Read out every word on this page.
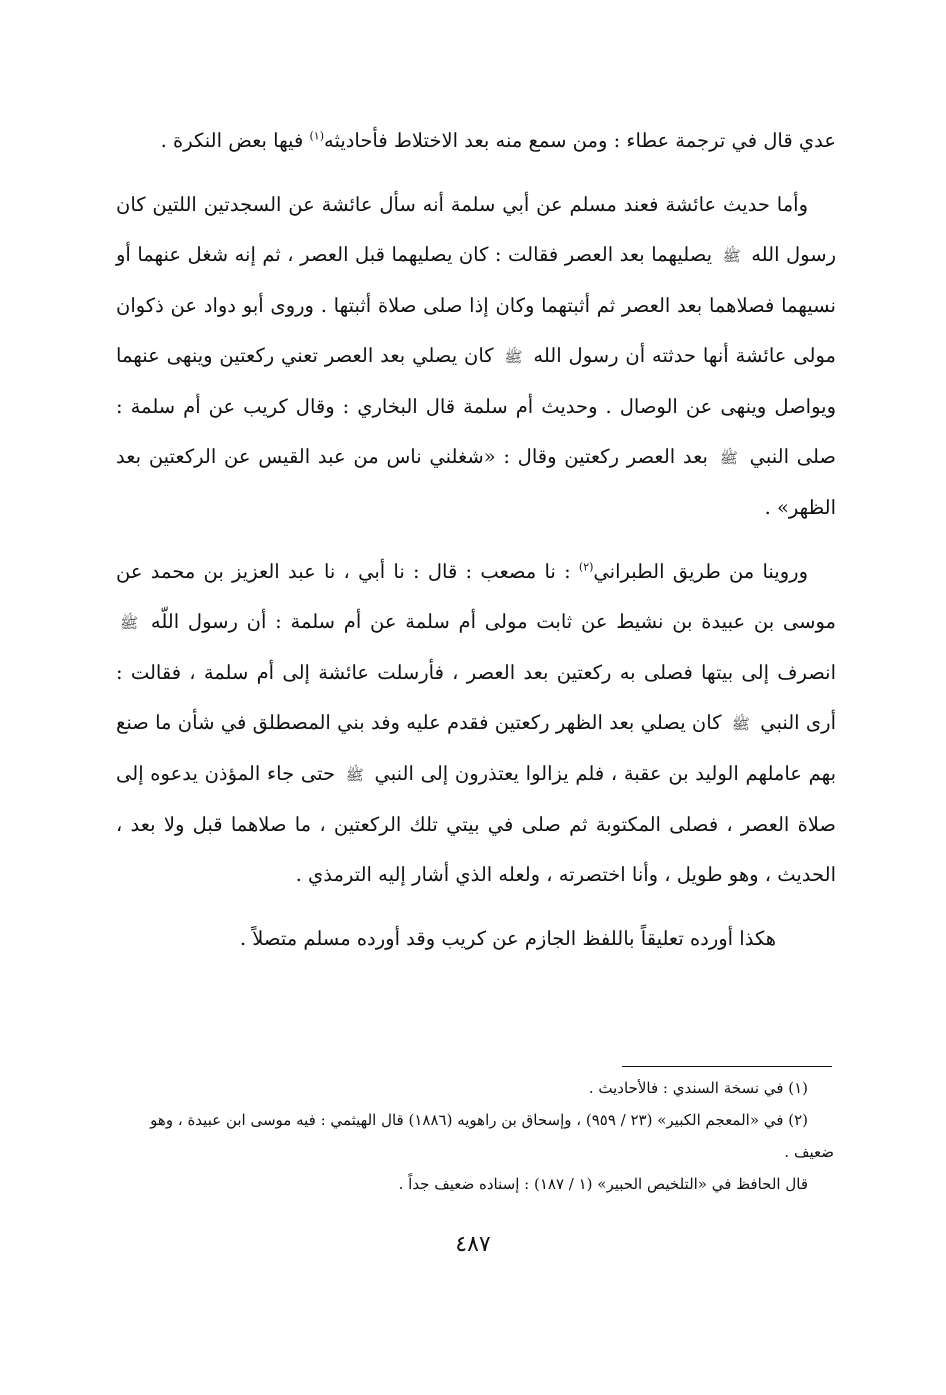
عدي قال في ترجمة عطاء : ومن سمع منه بعد الاختلاط فأحاديثه$^{(١)}$ فيها بعض النكرة .

وأما حديث عائشة فعند مسلم عن أبي سلمة أنه سأل عائشة عن السجدتين اللتين كان رسول الله ﷺ يصليهما بعد العصر فقالت : كان يصليهما قبل العصر ، ثم إنه شغل عنهما أو نسيهما فصلاهما بعد العصر ثم أثبتهما وكان إذا صلى صلاة أثبتها . وروى أبو دواد عن ذكوان مولى عائشة أنها حدثته أن رسول الله ﷺ كان يصلي بعد العصر تعني ركعتين وينهى عنهما ويواصل وينهى عن الوصال . وحديث أم سلمة قال البخاري : وقال كريب عن أم سلمة : صلى النبي ﷺ بعد العصر ركعتين وقال : «شغلني ناس من عبد القيس عن الركعتين بعد الظهر» .

وروينا من طريق الطبراني$^{(٢)}$ : نا مصعب : قال : نا أبي ، نا عبد العزيز بن محمد عن موسى بن عبيدة بن نشيط عن ثابت مولى أم سلمة عن أم سلمة : أن رسول اللّه ﷺ انصرف إلى بيتها فصلى به ركعتين بعد العصر ، فأرسلت عائشة إلى أم سلمة ، فقالت : أرى النبي ﷺ كان يصلي بعد الظهر ركعتين فقدم عليه وفد بني المصطلق في شأن ما صنع بهم عاملهم الوليد بن عقبة ، فلم يزالوا يعتذرون إلى النبي ﷺ حتى جاء المؤذن يدعوه إلى صلاة العصر ، فصلى المكتوبة ثم صلى في بيتي تلك الركعتين ، ما صلاهما قبل ولا بعد ، الحديث ، وهو طويل ، وأنا اختصرته ، ولعله الذي أشار إليه الترمذي .

هكذا أورده تعليقاً باللفظ الجازم عن كريب وقد أورده مسلم متصلاً .

(١) في نسخة السندي : فالأحاديث .

(٢) في «المعجم الكبير» (٢٣ / ٩٥٩) ، وإسحاق بن راهويه (١٨٨٦) قال الهيثمي : فيه موسى ابن عبيدة ، وهو ضعيف .

قال الحافظ في «التلخيص الحبير» (١ / ١٨٧) : إسناده ضعيف جداً .

٤٨٧
